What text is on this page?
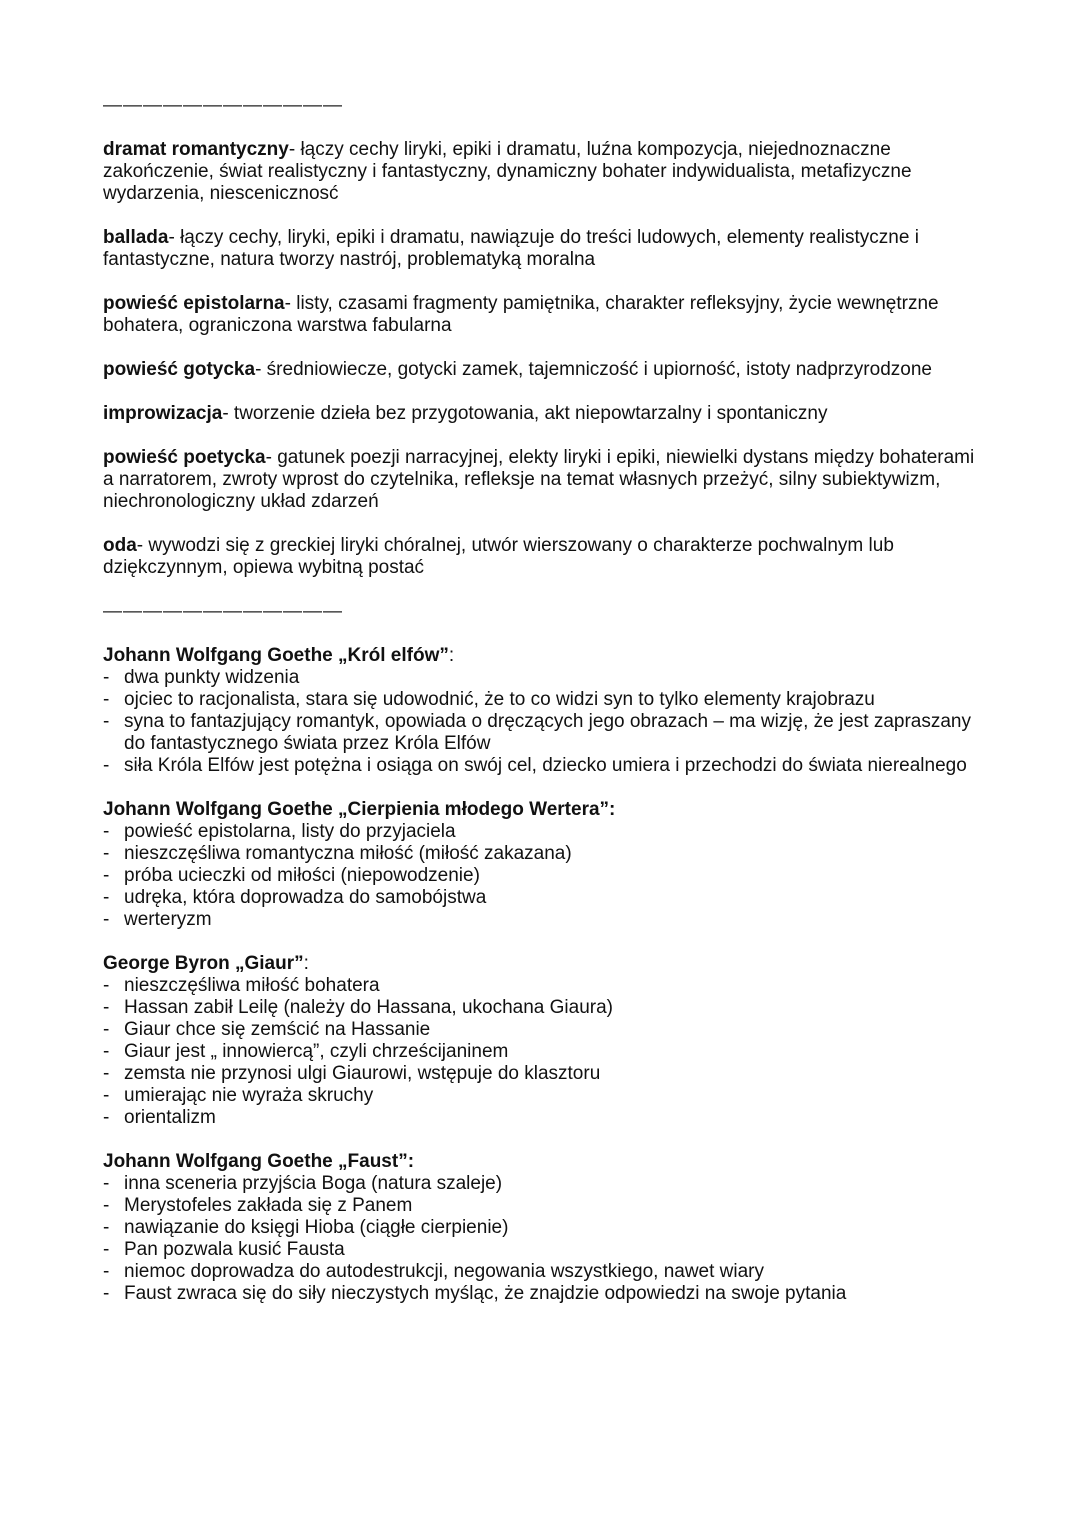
————————————

dramat romantyczny- łączy cechy liryki, epiki i dramatu, luźna kompozycja, niejednoznaczne zakończenie, świat realistyczny i fantastyczny, dynamiczny bohater indywidualista, metafizyczne wydarzenia, niescenicznosć

ballada- łączy cechy, liryki, epiki i dramatu, nawiązuje do treści ludowych, elementy realistyczne i fantastyczne, natura tworzy nastrój, problematyką moralna

powieść epistolarna- listy, czasami fragmenty pamiętnika, charakter refleksyjny, życie wewnętrzne bohatera, ograniczona warstwa fabularna

powieść gotycka- średniowiecze, gotycki zamek, tajemniczość i upiorność, istoty nadprzyrodzone

improwizacja- tworzenie dzieła bez przygotowania, akt niepowtarzalny i spontaniczny

powieść poetycka- gatunek poezji narracyjnej, elekty liryki i epiki, niewielki dystans między bohaterami a narratorem, zwroty wprost do czytelnika, refleksje na temat własnych przeżyć, silny subiektywizm, niechronologiczny układ zdarzeń

oda- wywodzi się z greckiej liryki chóralnej, utwór wierszowany o charakterze pochwalnym lub dziękczynnym, opiewa wybitną postać

————————————

Johann Wolfgang Goethe „Król elfów”:

- dwa punkty widzenia
- ojciec to racjonalista, stara się udowodnić, że to co widzi syn to tylko elementy krajobrazu
- syna to fantazjujący romantyk, opowiada o dręczących jego obrazach – ma wizję, że jest zapraszany do fantastycznego świata przez Króla Elfów
- siła Króla Elfów jest potężna i osiąga on swój cel, dziecko umiera i przechodzi do świata nierealnego

Johann Wolfgang Goethe „Cierpienia młodego Wertera”:

- powieść epistolarna, listy do przyjaciela
- nieszczęśliwa romantyczna miłość (miłość zakazana)
- próba ucieczki od miłości (niepowodzenie)
- udręka, która doprowadza do samobójstwa
- werteryzm

George Byron „Giaur”:

- nieszczęśliwa miłość bohatera
- Hassan zabił Leilę (należy do Hassana, ukochana Giaura)
- Giaur chce się zemścić na Hassanie
- Giaur jest „ innowiercą”, czyli chrześcijaninem
- zemsta nie przynosi ulgi Giaurowi, wstępuje do klasztoru
- umierając nie wyraża skruchy
- orientalizm

Johann Wolfgang Goethe „Faust”:

- inna sceneria przyjścia Boga (natura szaleje)
- Merystofeles zakłada się z Panem
- nawiązanie do księgi Hioba (ciągłe cierpienie)
- Pan pozwala kusić Fausta
- niemoc doprowadza do autodestrukcji, negowania wszystkiego, nawet wiary
- Faust zwraca się do siły nieczystych myśląc, że znajdzie odpowiedzi na swoje pytania
